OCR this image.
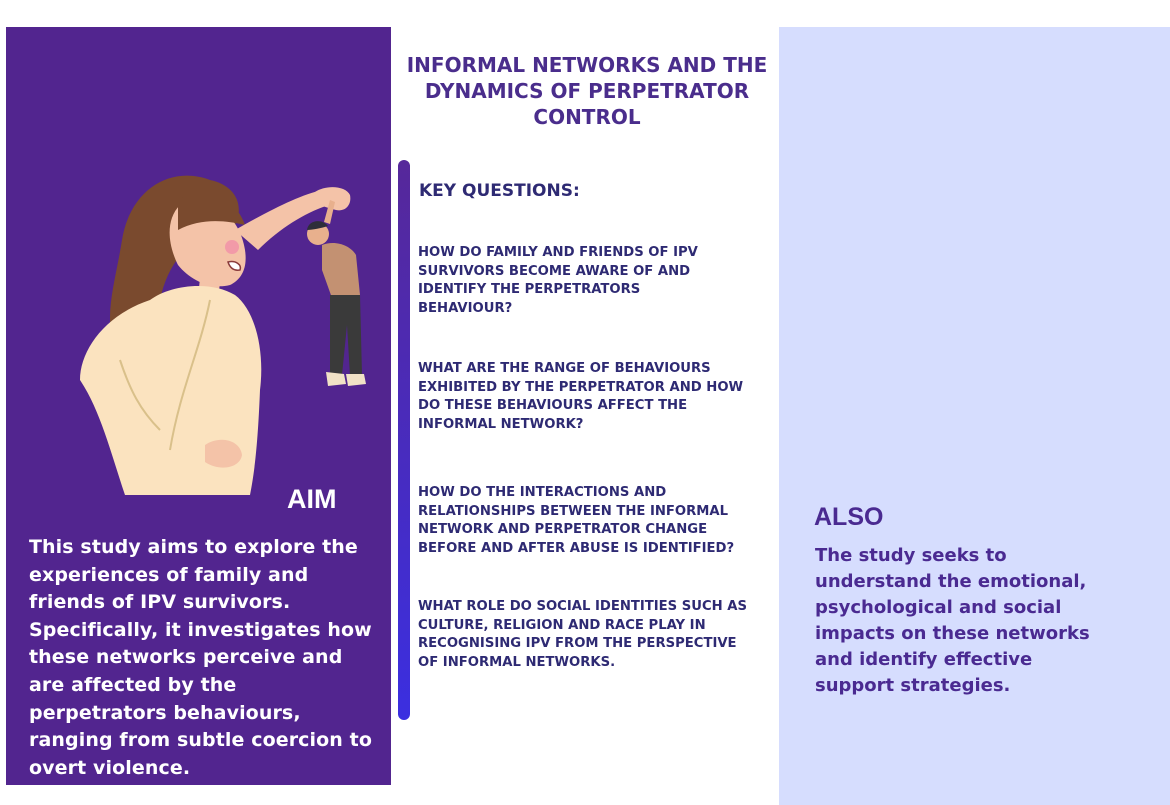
AIM
This study aims to explore the experiences of family and friends of IPV survivors. Specifically, it investigates how these networks perceive and are affected by the perpetrators behaviours, ranging from subtle coercion to overt violence.
INFORMAL NETWORKS AND THE DYNAMICS OF PERPETRATOR CONTROL
KEY QUESTIONS:
HOW DO FAMILY AND FRIENDS OF IPV SURVIVORS BECOME AWARE OF AND IDENTIFY THE PERPETRATORS BEHAVIOUR?
WHAT ARE THE RANGE OF BEHAVIOURS EXHIBITED BY THE PERPETRATOR AND HOW DO THESE BEHAVIOURS AFFECT THE INFORMAL NETWORK?
HOW DO THE INTERACTIONS AND RELATIONSHIPS BETWEEN THE INFORMAL NETWORK AND PERPETRATOR CHANGE BEFORE AND AFTER ABUSE IS IDENTIFIED?
WHAT ROLE DO SOCIAL IDENTITIES SUCH AS CULTURE, RELIGION AND RACE PLAY IN RECOGNISING IPV FROM THE PERSPECTIVE OF INFORMAL NETWORKS.
ALSO
The study seeks to understand the emotional, psychological and social impacts on these networks and identify effective support strategies.
